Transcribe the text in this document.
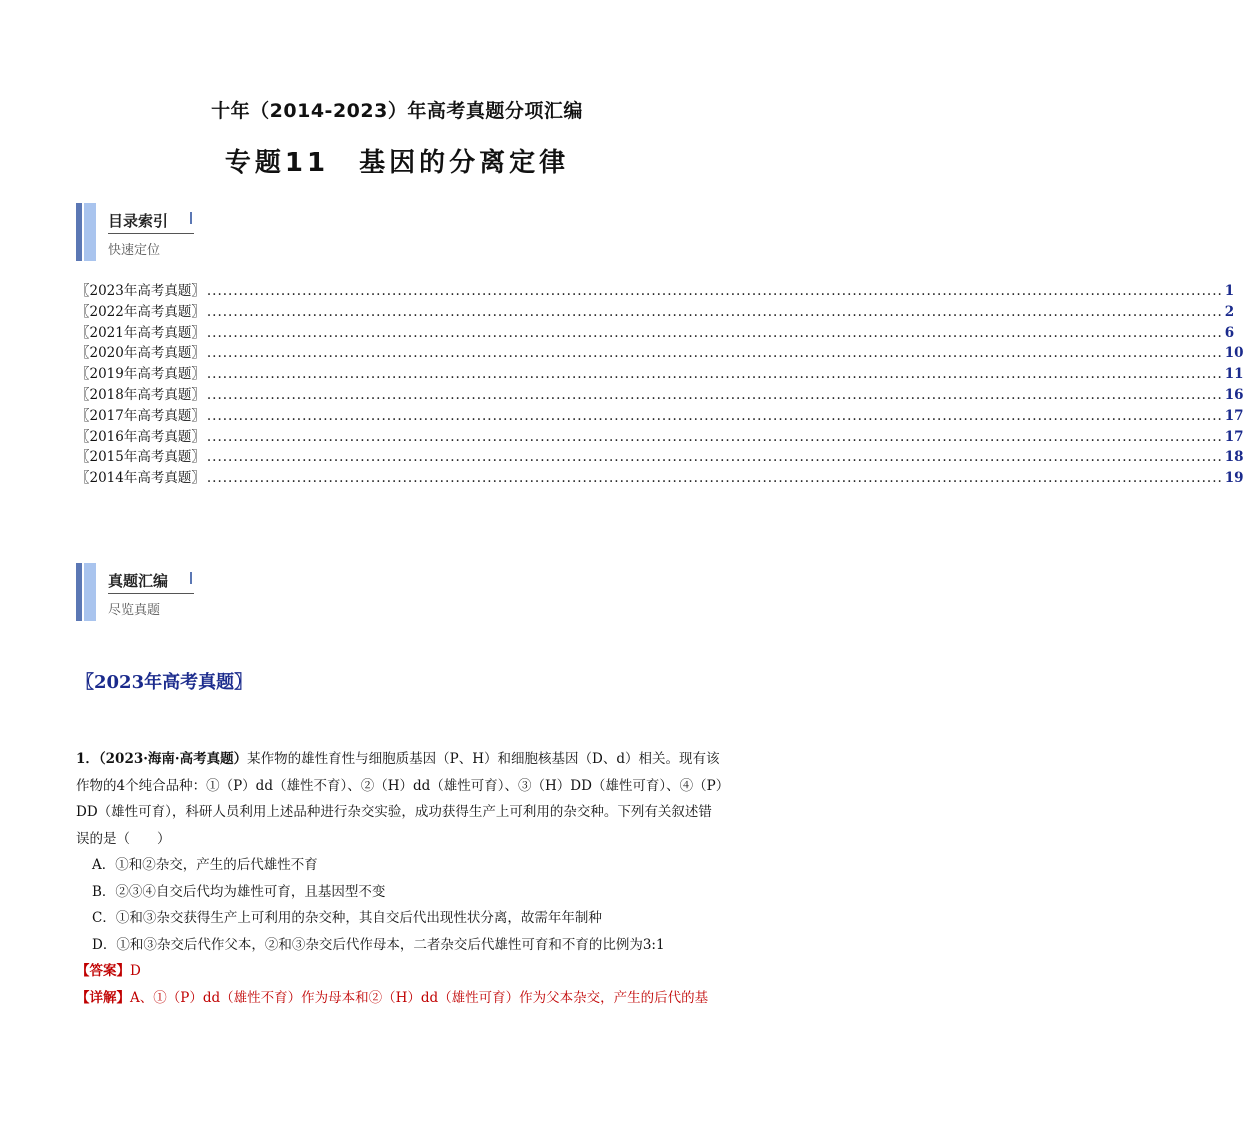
十年（2014-2023）年高考真题分项汇编
专题11　基因的分离定律
目录索引
快速定位
〖2023年高考真题〗 ................................................................................................................................................................................................ 1
〖2022年高考真题〗 ................................................................................................................................................................................................ 2
〖2021年高考真题〗 ................................................................................................................................................................................................ 6
〖2020年高考真题〗 ................................................................................................................................................................................................ 10
〖2019年高考真题〗 ................................................................................................................................................................................................ 11
〖2018年高考真题〗 ................................................................................................................................................................................................ 16
〖2017年高考真题〗 ................................................................................................................................................................................................ 17
〖2016年高考真题〗 ................................................................................................................................................................................................ 17
〖2015年高考真题〗 ................................................................................................................................................................................................ 18
〖2014年高考真题〗 ................................................................................................................................................................................................ 19
真题汇编
尽览真题
〖2023年高考真题〗

1．（2023·海南·高考真题）某作物的雄性育性与细胞质基因（P、H）和细胞核基因（D、d）相关。现有该作物的4个纯合品种：①（P）dd（雄性不育）、②（H）dd（雄性可育）、③（H）DD（雄性可育）、④（P）DD（雄性可育），科研人员利用上述品种进行杂交实验，成功获得生产上可利用的杂交种。下列有关叙述错误的是（　　）

A．①和②杂交，产生的后代雄性不育

B．②③④自交后代均为雄性可育，且基因型不变

C．①和③杂交获得生产上可利用的杂交种，其自交后代出现性状分离，故需年年制种

D．①和③杂交后代作父本，②和③杂交后代作母本，二者杂交后代雄性可育和不育的比例为3:1

【答案】D

【详解】A、①（P）dd（雄性不育）作为母本和②（H）dd（雄性可育）作为父本杂交，产生的后代的基
